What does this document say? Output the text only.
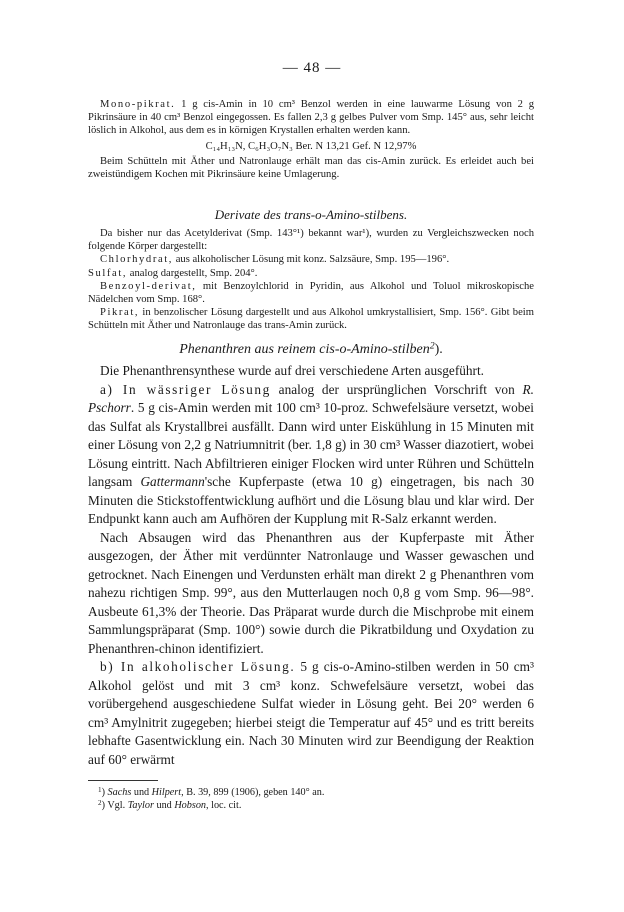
— 48 —

Mono-pikrat. 1 g cis-Amin in 10 cm³ Benzol werden in eine lauwarme Lösung von 2 g Pikrinsäure in 40 cm³ Benzol eingegossen. Es fallen 2,3 g gelbes Pulver vom Smp. 145° aus, sehr leicht löslich in Alkohol, aus dem es in körnigen Krystallen erhalten werden kann.

C₁₄H₁₃N, C₆H₃O₇N₃ Ber. N 13,21 Gef. N 12,97%

Beim Schütteln mit Äther und Natronlauge erhält man das cis-Amin zurück. Es erleidet auch bei zweistündigem Kochen mit Pikrinsäure keine Umlagerung.

Derivate des trans-o-Amino-stilbens.

Da bisher nur das Acetylderivat (Smp. 143°¹) bekannt war¹), wurden zu Vergleichszwecken noch folgende Körper dargestellt:

Chlorhydrat, aus alkoholischer Lösung mit konz. Salzsäure, Smp. 195—196°.

Sulfat, analog dargestellt, Smp. 204°.

Benzoyl-derivat, mit Benzoylchlorid in Pyridin, aus Alkohol und Toluol mikroskopische Nädelchen vom Smp. 168°.

Pikrat, in benzolischer Lösung dargestellt und aus Alkohol umkrystallisiert, Smp. 156°. Gibt beim Schütteln mit Äther und Natronlauge das trans-Amin zurück.

Phenanthren aus reinem cis-o-Amino-stilben$^2$).

Die Phenanthrensynthese wurde auf drei verschiedene Arten ausgeführt.

a) In wässriger Lösung analog der ursprünglichen Vorschrift von R. Pschorr. 5 g cis-Amin werden mit 100 cm³ 10-proz. Schwefelsäure versetzt, wobei das Sulfat als Krystallbrei ausfällt. Dann wird unter Eiskühlung in 15 Minuten mit einer Lösung von 2,2 g Natriumnitrit (ber. 1,8 g) in 30 cm³ Wasser diazotiert, wobei Lösung eintritt. Nach Abfiltrieren einiger Flocken wird unter Rühren und Schütteln langsam Gattermann'sche Kupferpaste (etwa 10 g) eingetragen, bis nach 30 Minuten die Stickstoffentwicklung aufhört und die Lösung blau und klar wird. Der Endpunkt kann auch am Aufhören der Kupplung mit R-Salz erkannt werden.

Nach Absaugen wird das Phenanthren aus der Kupferpaste mit Äther ausgezogen, der Äther mit verdünnter Natronlauge und Wasser gewaschen und getrocknet. Nach Einengen und Verdunsten erhält man direkt 2 g Phenanthren vom nahezu richtigen Smp. 99°, aus den Mutterlaugen noch 0,8 g vom Smp. 96—98°. Ausbeute 61,3% der Theorie. Das Präparat wurde durch die Mischprobe mit einem Sammlungspräparat (Smp. 100°) sowie durch die Pikratbildung und Oxydation zu Phenanthren-chinon identifiziert.

b) In alkoholischer Lösung. 5 g cis-o-Amino-stilben werden in 50 cm³ Alkohol gelöst und mit 3 cm³ konz. Schwefelsäure versetzt, wobei das vorübergehend ausgeschiedene Sulfat wieder in Lösung geht. Bei 20° werden 6 cm³ Amylnitrit zugegeben; hierbei steigt die Temperatur auf 45° und es tritt bereits lebhafte Gasentwicklung ein. Nach 30 Minuten wird zur Beendigung der Reaktion auf 60° erwärmt

$^1$) Sachs und Hilpert, B. 39, 899 (1906), geben 140° an.

$^2$) Vgl. Taylor und Hobson, loc. cit.
